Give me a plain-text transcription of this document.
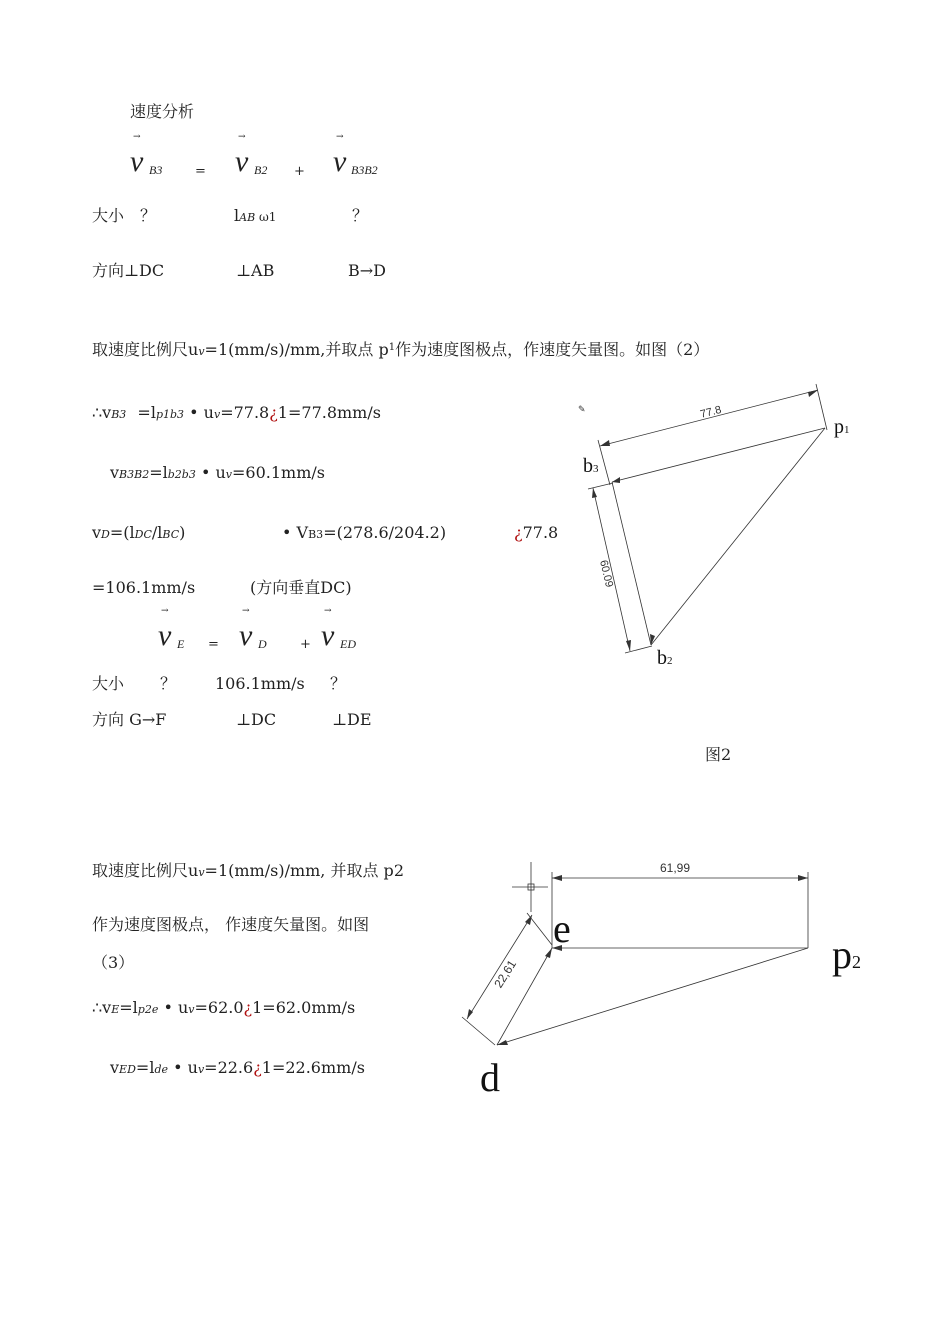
速度分析
→
v B3	=
→
v B2 +
→
v B3B2
大小 ？	lAB ω1	？
方向⊥DC	⊥AB	B→D
取速度比例尺uv=1(mm/s)/mm,并取点 $p^1$作为速度图极点，作速度矢量图。如图（2）
∴vB3 =lp1b3 • uv=77.8¿1=77.8mm/s
vB3B2=lb2b3 • uv=60.1mm/s
vD=(lDC/lBC)	• VB3=(278.6/204.2)	¿77.8
=106.1mm/s	(方向垂直DC)
→
v E =
→
v D	+
→
v ED
大小 ？ 106.1mm/s ？
方向 G→F	⊥DC	⊥DE
图2
77.8
60.09
✎
p1
b3
b2
取速度比例尺uv=1(mm/s)/mm, 并取点 p2
作为速度图极点， 作速度矢量图。如图
（3）
∴vE=lp2e • uv=62.0¿1=62.0mm/s
vED=lde • uv=22.6¿1=22.6mm/s
61,99
22,61
e
p2
d
